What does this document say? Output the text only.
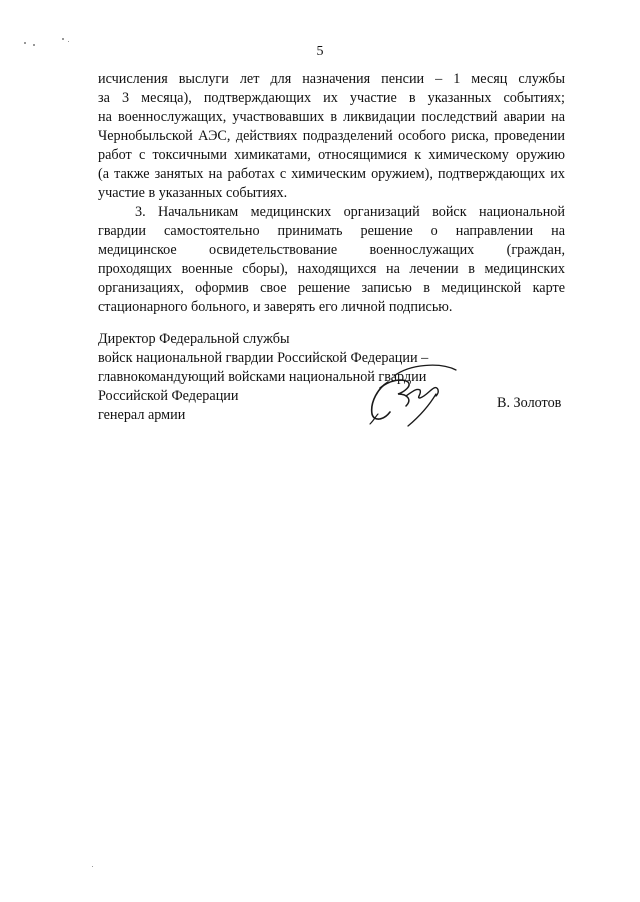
5
исчисления выслуги лет для назначения пенсии – 1 месяц службы
за 3 месяца), подтверждающих их участие в указанных событиях;
на военнослужащих, участвовавших в ликвидации последствий аварии на
Чернобыльской АЭС, действиях подразделений особого риска, проведении
работ с токсичными химикатами, относящимися к химическому оружию
(а также занятых на работах с химическим оружием), подтверждающих их
участие в указанных событиях.
3. Начальникам медицинских организаций войск национальной
гвардии самостоятельно принимать решение о направлении на
медицинское освидетельствование военнослужащих (граждан,
проходящих военные сборы), находящихся на лечении в медицинских
организациях, оформив свое решение записью в медицинской карте
стационарного больного, и заверять его личной подписью.
Директор Федеральной службы
войск национальной гвардии Российской Федерации –
главнокомандующий войсками национальной гвардии
Российской Федерации
генерал армии
В. Золотов
